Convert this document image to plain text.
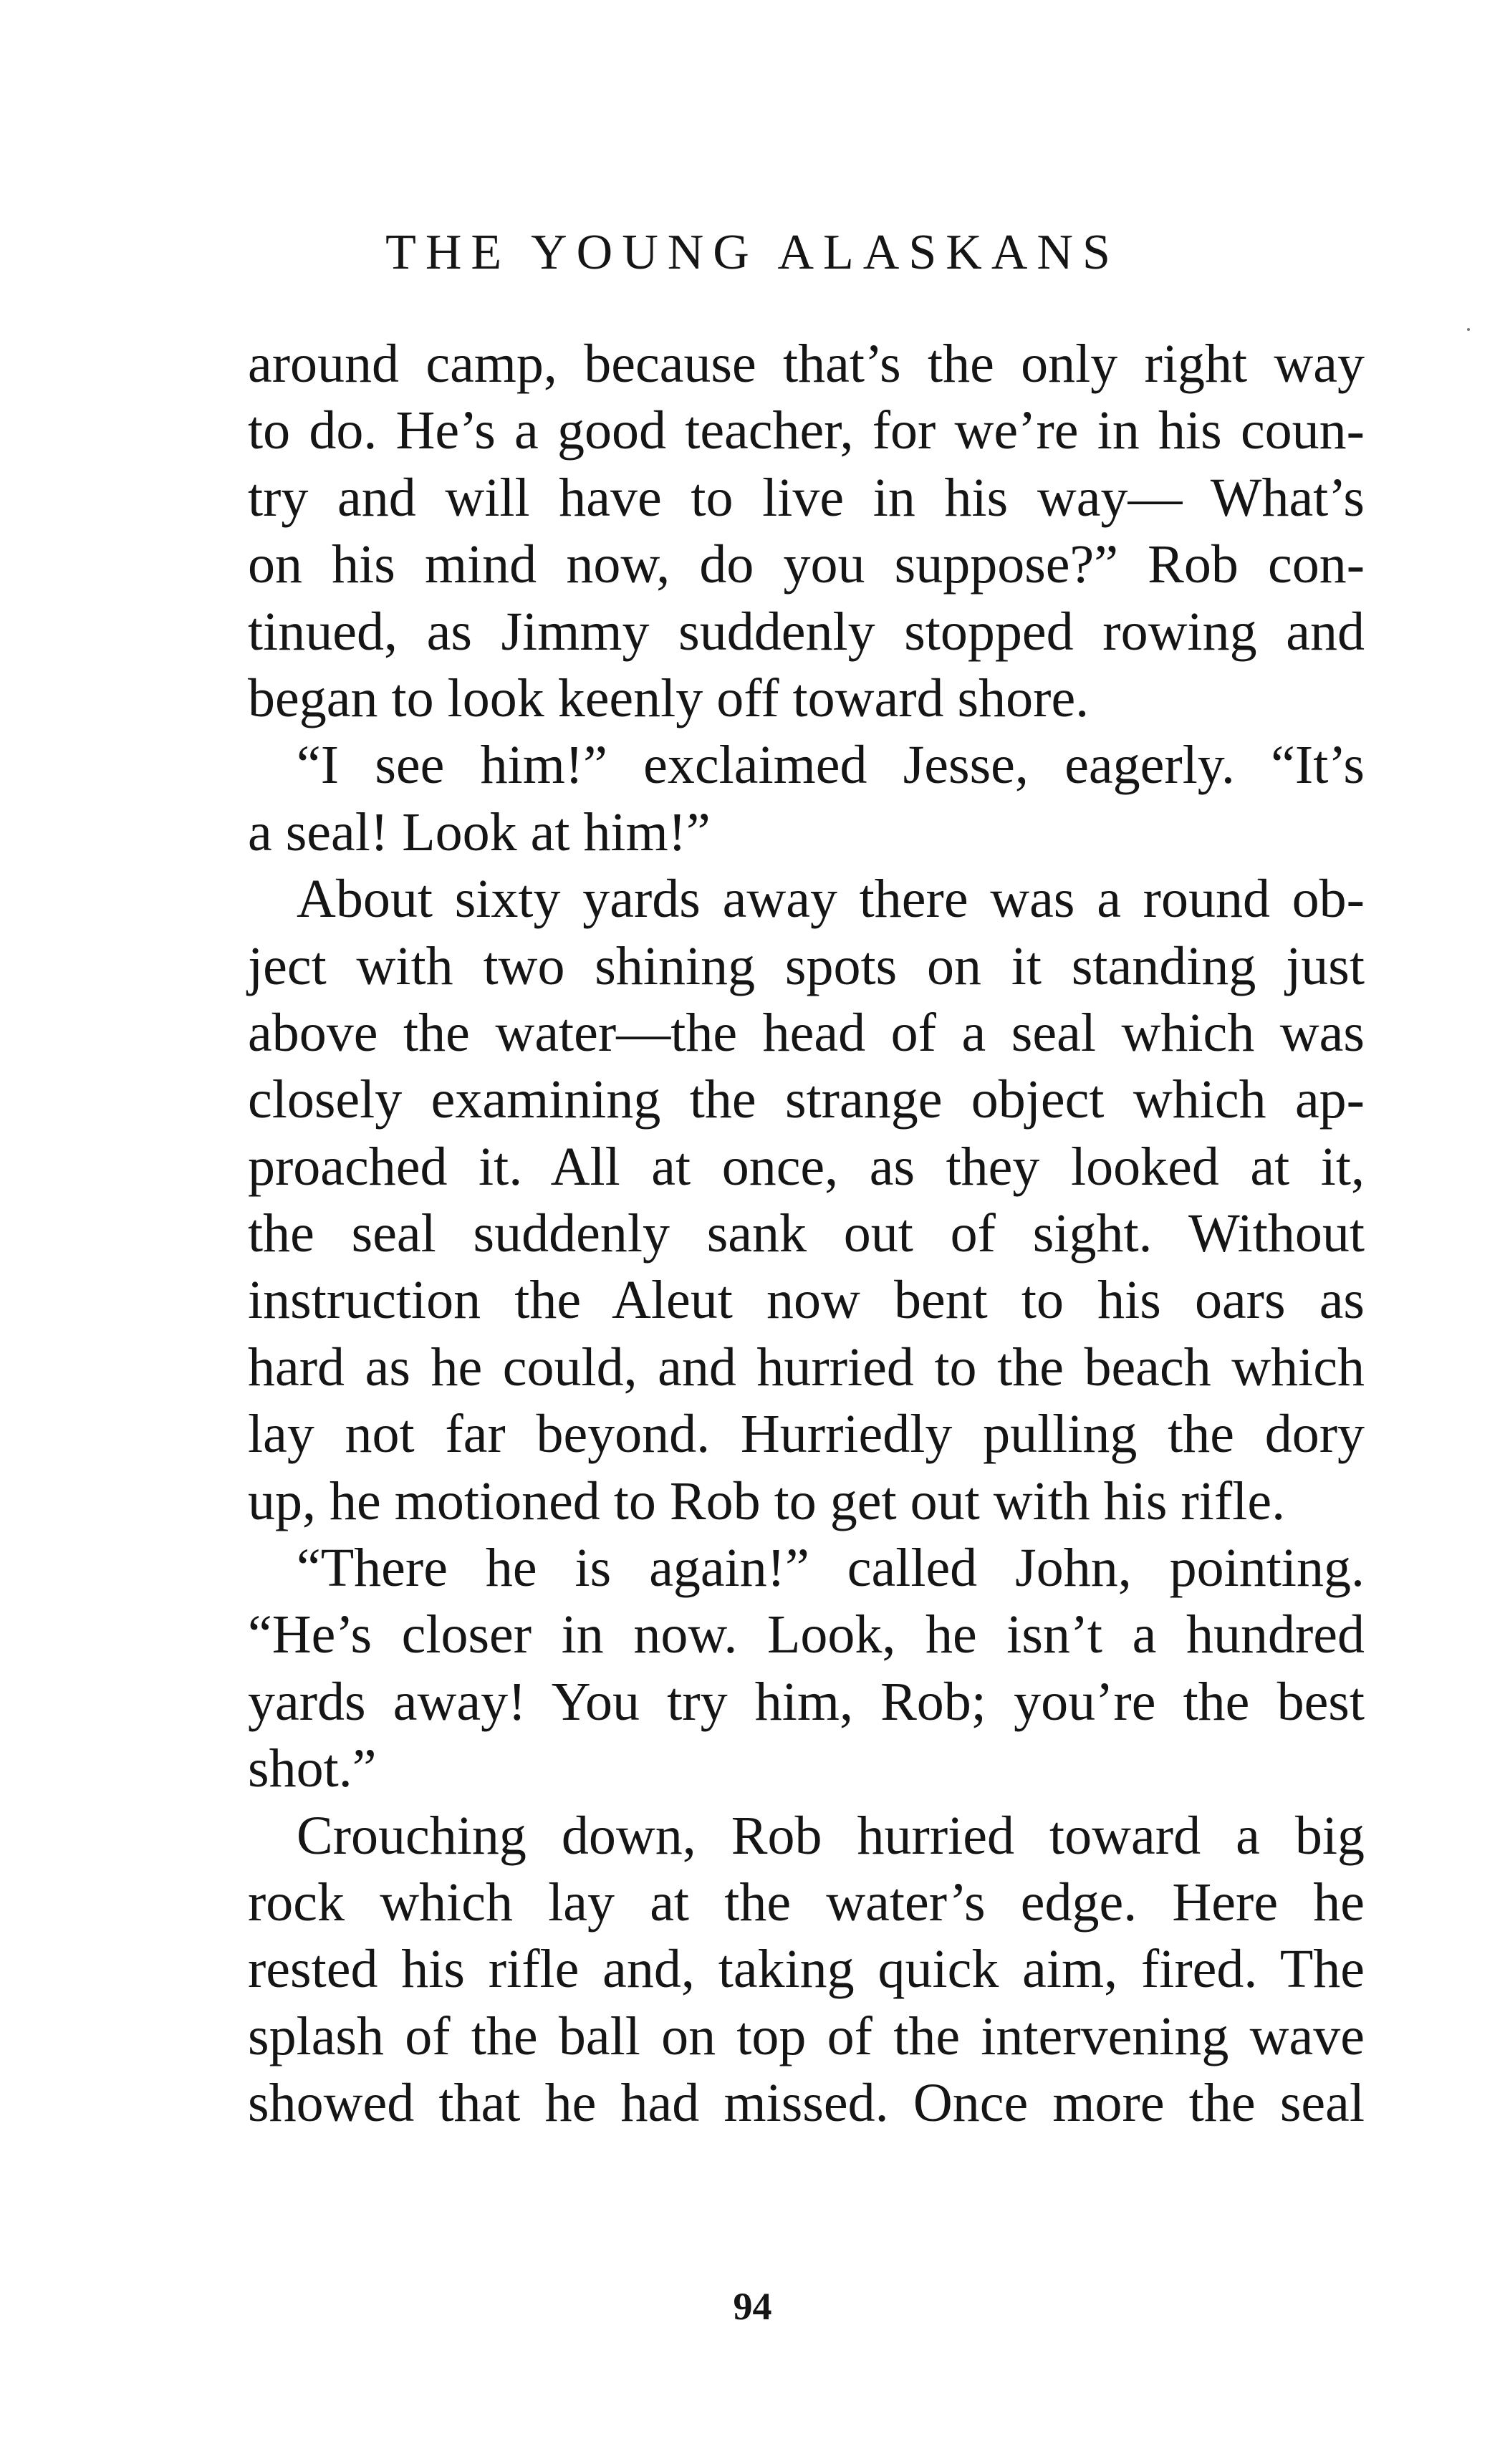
THE YOUNG ALASKANS
around camp, because that’s the only right way
to do. He’s a good teacher, for we’re in his coun-
try and will have to live in his way— What’s
on his mind now, do you suppose?” Rob con-
tinued, as Jimmy suddenly stopped rowing and
began to look keenly off toward shore.
“I see him!” exclaimed Jesse, eagerly. “It’s
a seal! Look at him!”
About sixty yards away there was a round ob-
ject with two shining spots on it standing just
above the water—the head of a seal which was
closely examining the strange object which ap-
proached it. All at once, as they looked at it,
the seal suddenly sank out of sight. Without
instruction the Aleut now bent to his oars as
hard as he could, and hurried to the beach which
lay not far beyond. Hurriedly pulling the dory
up, he motioned to Rob to get out with his rifle.
“There he is again!” called John, pointing.
“He’s closer in now. Look, he isn’t a hundred
yards away! You try him, Rob; you’re the best
shot.”
Crouching down, Rob hurried toward a big
rock which lay at the water’s edge. Here he
rested his rifle and, taking quick aim, fired. The
splash of the ball on top of the intervening wave
showed that he had missed. Once more the seal
94
